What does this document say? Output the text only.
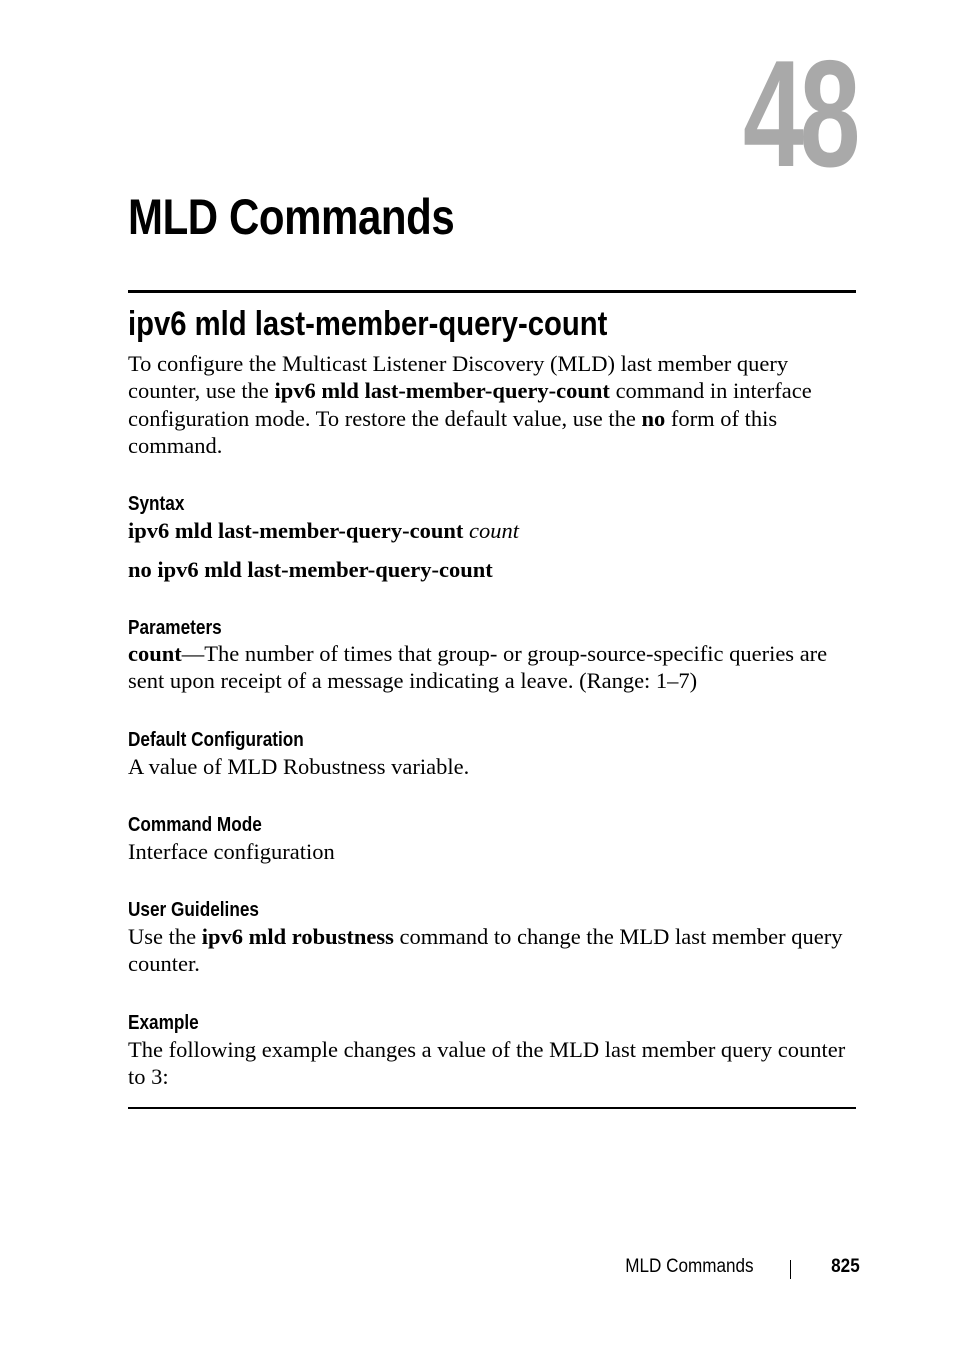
48
MLD Commands
ipv6 mld last-member-query-count

To configure the Multicast Listener Discovery (MLD) last member query counter, use the ipv6 mld last-member-query-count command in interface configuration mode. To restore the default value, use the no form of this command.

Syntax

ipv6 mld last-member-query-count count

no ipv6 mld last-member-query-count

Parameters

count—The number of times that group- or group-source-specific queries are sent upon receipt of a message indicating a leave. (Range: 1–7)

Default Configuration

A value of MLD Robustness variable.

Command Mode

Interface configuration

User Guidelines

Use the ipv6 mld robustness command to change the MLD last member query counter.

Example

The following example changes a value of the MLD last member query counter to 3:

MLD Commands	825
